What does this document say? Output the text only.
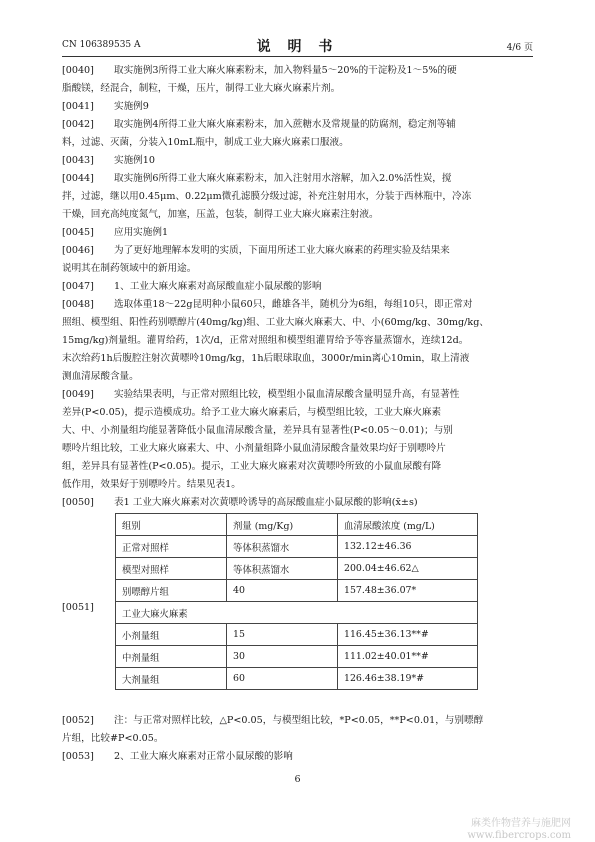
CN 106389535 A	说 明 书	4/6 页
[0040] 取实施例3所得工业大麻火麻素粉末，加入物料量5～20%的干淀粉及1～5%的硬
脂酸镁，经混合，制粒，干燥，压片，制得工业大麻火麻素片剂。
[0041] 实施例9
[0042] 取实施例4所得工业大麻火麻素粉末，加入蔗糖水及常规量的防腐剂，稳定剂等辅
料，过滤、灭菌，分装入10mL瓶中，制成工业大麻火麻素口服液。
[0043] 实施例10
[0044] 取实施例6所得工业大麻火麻素粉末，加入注射用水溶解，加入2.0%活性炭，搅
拌，过滤，继以用0.45μm、0.22μm微孔滤膜分级过滤，补充注射用水，分装于西林瓶中，冷冻
干燥，回充高纯度氮气，加塞，压盖，包装，制得工业大麻火麻素注射液。
[0045] 应用实施例1
[0046] 为了更好地理解本发明的实质，下面用所述工业大麻火麻素的药理实验及结果来
说明其在制药领域中的新用途。
[0047] 1、工业大麻火麻素对高尿酸血症小鼠尿酸的影响
[0048] 选取体重18～22g昆明种小鼠60只，雌雄各半，随机分为6组，每组10只，即正常对
照组、模型组、阳性药别嘌醇片(40mg/kg)组、工业大麻火麻素大、中、小(60mg/kg、30mg/kg、
15mg/kg)剂量组。灌胃给药，1次/d，正常对照组和模型组灌胃给予等容量蒸馏水，连续12d。
末次给药1h后腹腔注射次黄嘌呤10mg/kg，1h后眼球取血，3000r/min离心10min，取上清液
测血清尿酸含量。
[0049] 实验结果表明，与正常对照组比较，模型组小鼠血清尿酸含量明显升高，有显著性
差异(P<0.05)，提示造模成功。给予工业大麻火麻素后，与模型组比较，工业大麻火麻素
大、中、小剂量组均能显著降低小鼠血清尿酸含量，差异具有显著性(P<0.05～0.01)；与别
嘌呤片组比较，工业大麻火麻素大、中、小剂量组降小鼠血清尿酸含量效果均好于别嘌呤片
组，差异具有显著性(P<0.05)。提示，工业大麻火麻素对次黄嘌呤所致的小鼠血尿酸有降
低作用，效果好于别嘌呤片。结果见表1。
[0050] 表1 工业大麻火麻素对次黄嘌呤诱导的高尿酸血症小鼠尿酸的影响(x̄±s)
组别	剂量 (mg/Kg)	血清尿酸浓度 (mg/L)
正常对照样	等体积蒸馏水	132.12±46.36
模型对照样	等体积蒸馏水	200.04±46.62△
别嘌醇片组	40	157.48±36.07*
工业大麻火麻素		
小剂量组	15	116.45±36.13**#
中剂量组	30	111.02±40.01**#
大剂量组	60	126.46±38.19*#
[0051]
[0052] 注：与正常对照样比较，△P<0.05，与模型组比较，*P<0.05，**P<0.01，与别嘌醇
片组，比较#P<0.05。
[0053] 2、工业大麻火麻素对正常小鼠尿酸的影响
6
麻类作物营养与施肥网
www.fibercrops.com
